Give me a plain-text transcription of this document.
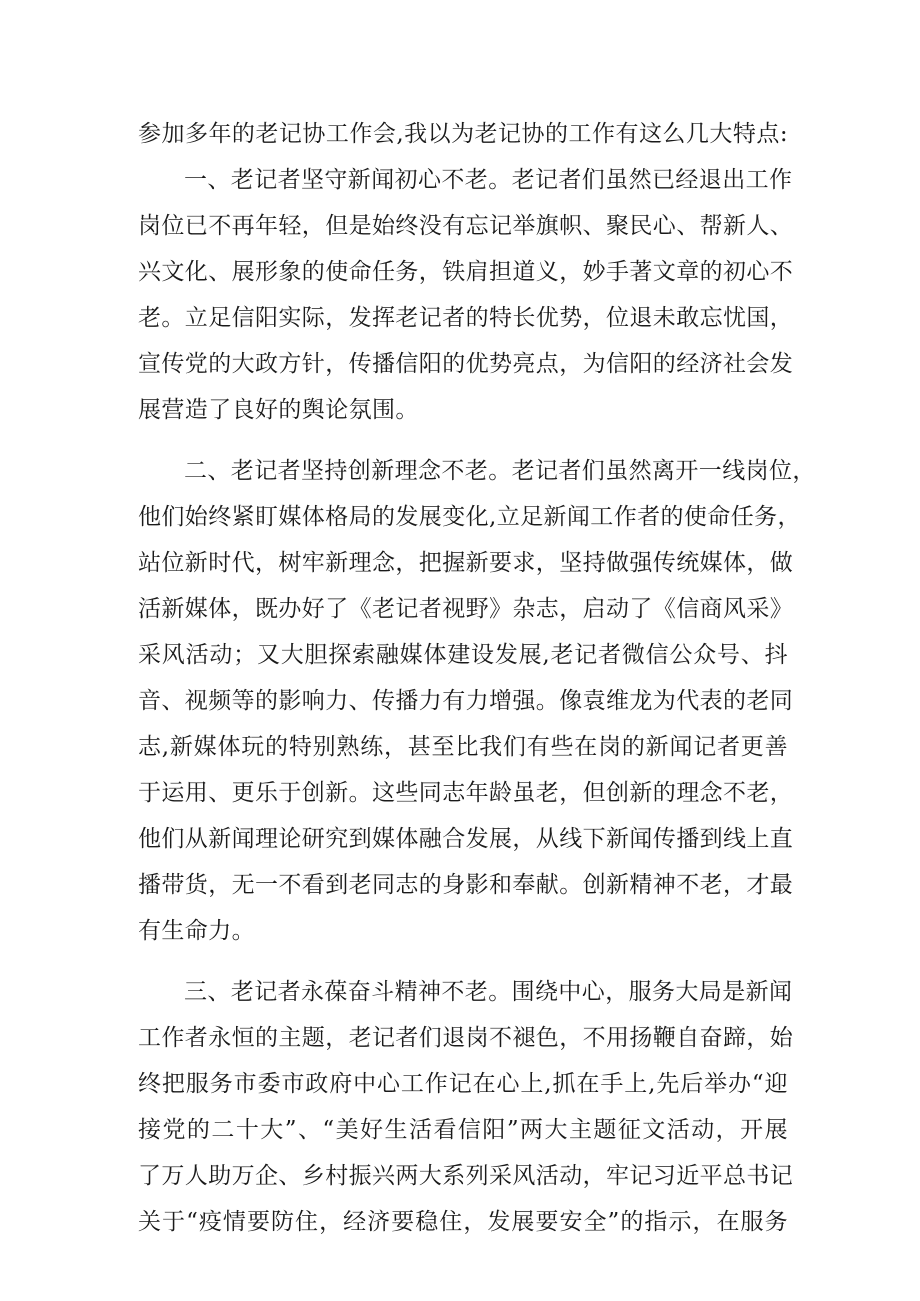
参加多年的老记协工作会,我以为老记协的工作有这么几大特点:
一、老记者坚守新闻初心不老。老记者们虽然已经退出工作
岗位已不再年轻，但是始终没有忘记举旗帜、聚民心、帮新人、
兴文化、展形象的使命任务，铁肩担道义，妙手著文章的初心不
老。立足信阳实际，发挥老记者的特长优势，位退未敢忘忧国，
宣传党的大政方针，传播信阳的优势亮点，为信阳的经济社会发
展营造了良好的舆论氛围。
二、老记者坚持创新理念不老。老记者们虽然离开一线岗位，
他们始终紧盯媒体格局的发展变化,立足新闻工作者的使命任务，
站位新时代，树牢新理念，把握新要求，坚持做强传统媒体，做
活新媒体，既办好了《老记者视野》杂志，启动了《信商风采》
采风活动；又大胆探索融媒体建设发展,老记者微信公众号、抖
音、视频等的影响力、传播力有力增强。像袁维龙为代表的老同
志,新媒体玩的特别熟练，甚至比我们有些在岗的新闻记者更善
于运用、更乐于创新。这些同志年龄虽老，但创新的理念不老，
他们从新闻理论研究到媒体融合发展，从线下新闻传播到线上直
播带货，无一不看到老同志的身影和奉献。创新精神不老，才最
有生命力。
三、老记者永葆奋斗精神不老。围绕中心，服务大局是新闻
工作者永恒的主题，老记者们退岗不褪色，不用扬鞭自奋蹄，始
终把服务市委市政府中心工作记在心上,抓在手上,先后举办“迎
接党的二十大”、“美好生活看信阳”两大主题征文活动，开展
了万人助万企、乡村振兴两大系列采风活动，牢记习近平总书记
关于“疫情要防住，经济要稳住，发展要安全”的指示，在服务
